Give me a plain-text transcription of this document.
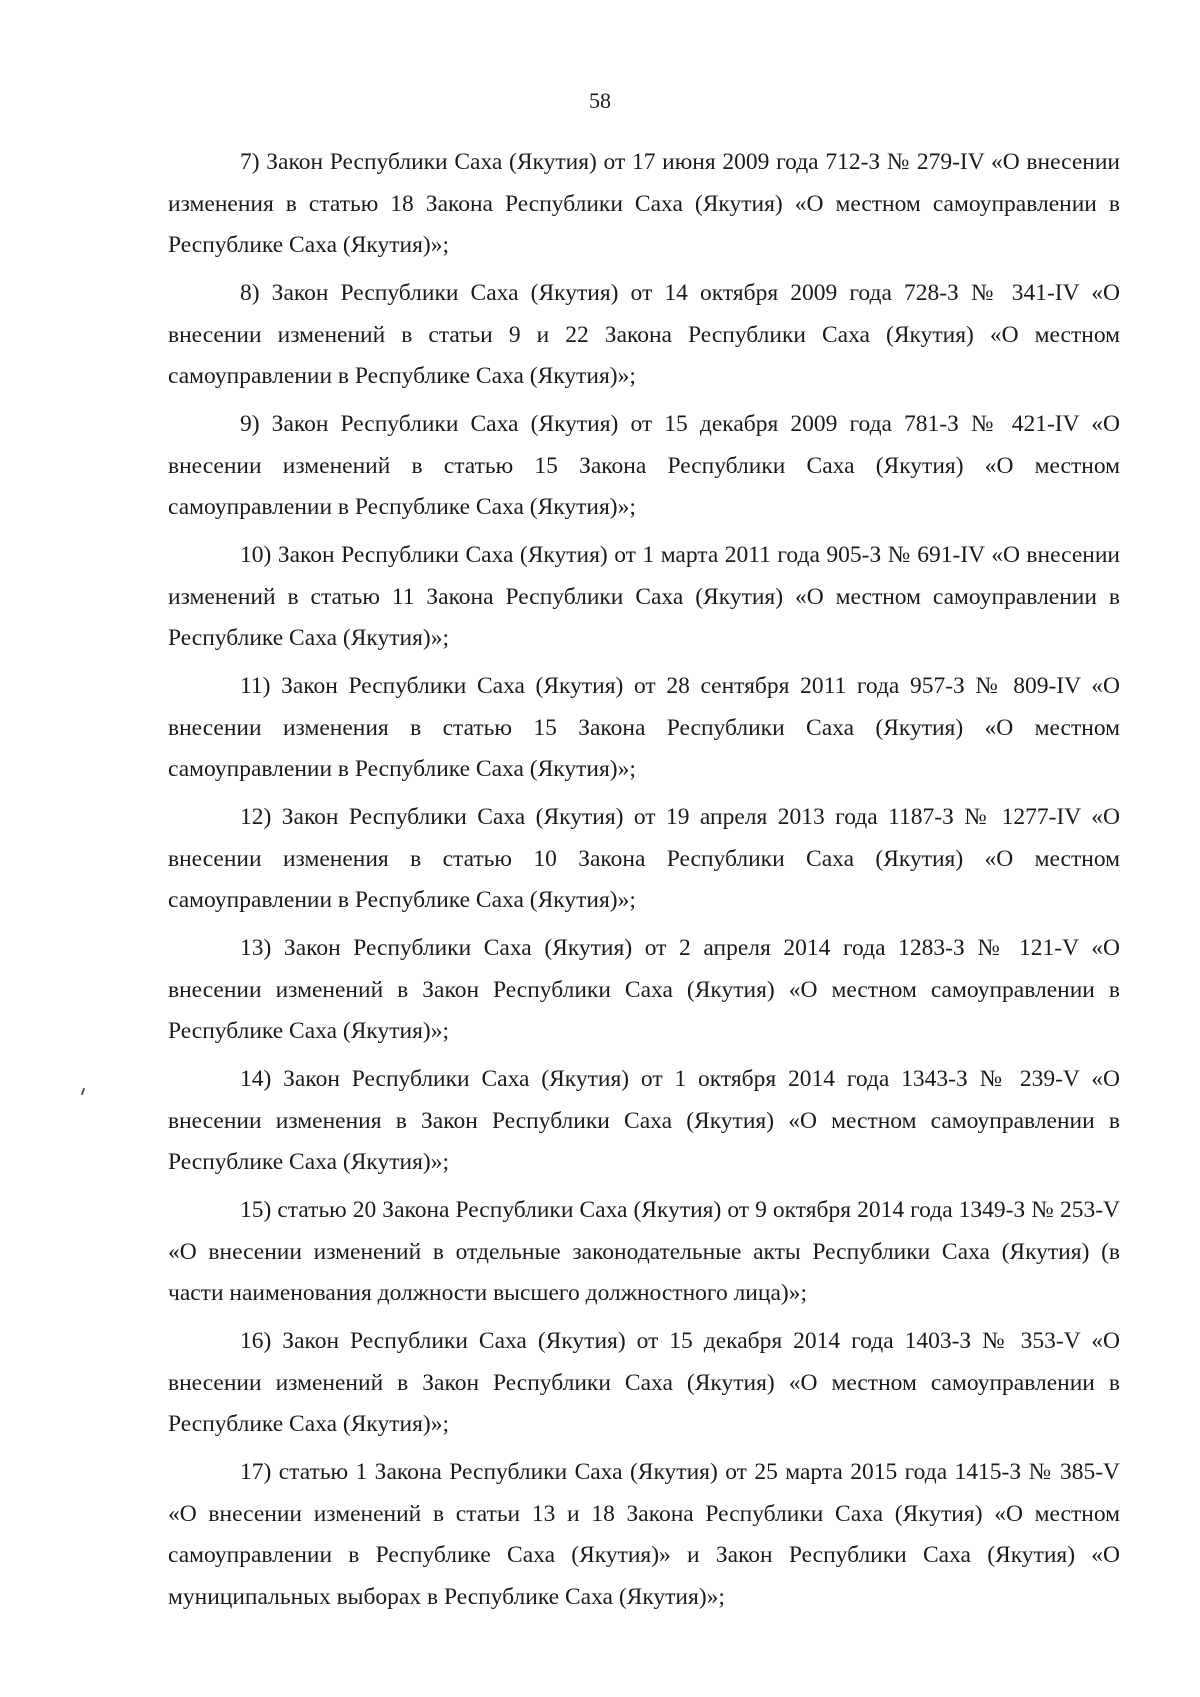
58

7) Закон Республики Саха (Якутия) от 17 июня 2009 года 712-З № 279-IV «О внесении изменения в статью 18 Закона Республики Саха (Якутия) «О местном самоуправлении в Республике Саха (Якутия)»;

8) Закон Республики Саха (Якутия) от 14 октября 2009 года 728-З № 341-IV «О внесении изменений в статьи 9 и 22 Закона Республики Саха (Якутия) «О местном самоуправлении в Республике Саха (Якутия)»;

9) Закон Республики Саха (Якутия) от 15 декабря 2009 года 781-З № 421-IV «О внесении изменений в статью 15 Закона Республики Саха (Якутия) «О местном самоуправлении в Республике Саха (Якутия)»;

10) Закон Республики Саха (Якутия) от 1 марта 2011 года 905-З № 691-IV «О внесении изменений в статью 11 Закона Республики Саха (Якутия) «О местном самоуправлении в Республике Саха (Якутия)»;

11) Закон Республики Саха (Якутия) от 28 сентября 2011 года 957-З № 809-IV «О внесении изменения в статью 15 Закона Республики Саха (Якутия) «О местном самоуправлении в Республике Саха (Якутия)»;

12) Закон Республики Саха (Якутия) от 19 апреля 2013 года 1187-З № 1277-IV «О внесении изменения в статью 10 Закона Республики Саха (Якутия) «О местном самоуправлении в Республике Саха (Якутия)»;

13) Закон Республики Саха (Якутия) от 2 апреля 2014 года 1283-З № 121-V «О внесении изменений в Закон Республики Саха (Якутия) «О местном самоуправлении в Республике Саха (Якутия)»;

14) Закон Республики Саха (Якутия) от 1 октября 2014 года 1343-З № 239-V «О внесении изменения в Закон Республики Саха (Якутия) «О местном самоуправлении в Республике Саха (Якутия)»;

15) статью 20 Закона Республики Саха (Якутия) от 9 октября 2014 года 1349-З № 253-V «О внесении изменений в отдельные законодательные акты Республики Саха (Якутия) (в части наименования должности высшего должностного лица)»;

16) Закон Республики Саха (Якутия) от 15 декабря 2014 года 1403-З № 353-V «О внесении изменений в Закон Республики Саха (Якутия) «О местном самоуправлении в Республике Саха (Якутия)»;

17) статью 1 Закона Республики Саха (Якутия) от 25 марта 2015 года 1415-З № 385-V «О внесении изменений в статьи 13 и 18 Закона Республики Саха (Якутия) «О местном самоуправлении в Республике Саха (Якутия)» и Закон Республики Саха (Якутия) «О муниципальных выборах в Республике Саха (Якутия)»;
